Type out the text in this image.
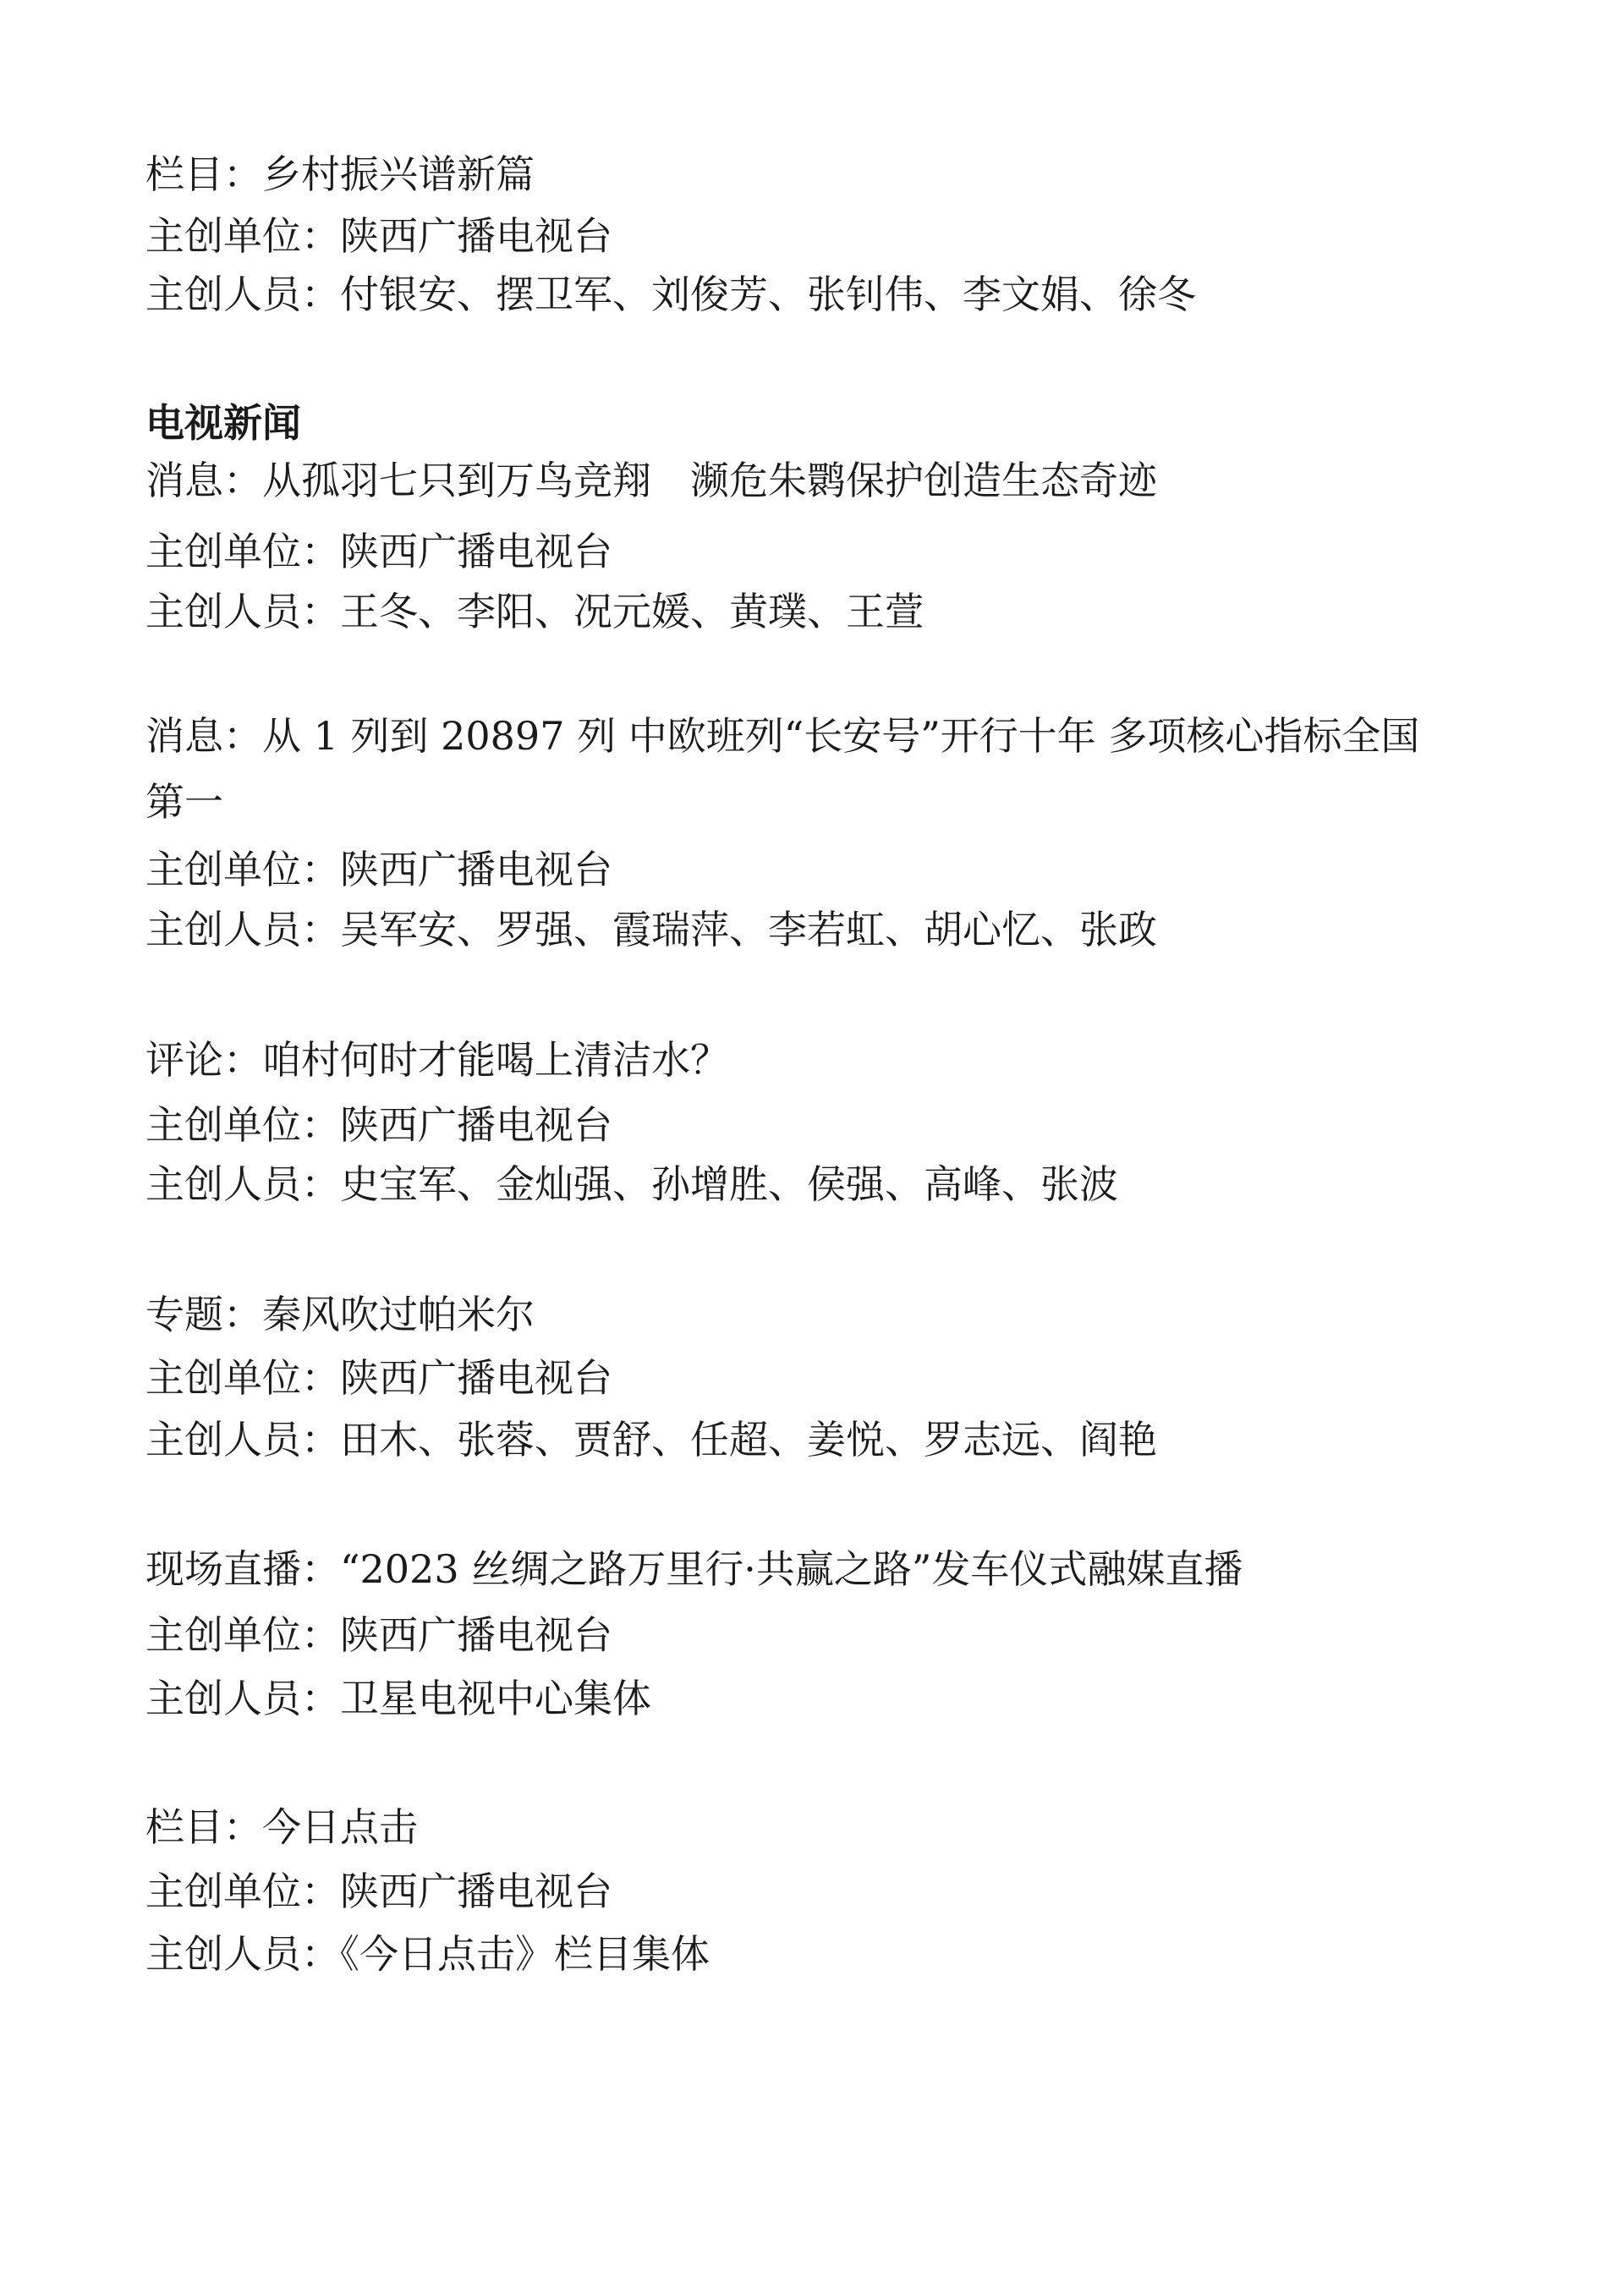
栏目：乡村振兴谱新篇

主创单位：陕西广播电视台

主创人员：付银安、摆卫军、刘俊芳、张钊伟、李文娟、徐冬

电视新闻

消息：从孤羽七只到万鸟竞翔　濒危朱鹮保护创造生态奇迹

主创单位：陕西广播电视台

主创人员：王冬、李阳、况元媛、黄璞、王萱

消息：从 1 列到 20897 列 中欧班列“长安号”开行十年 多项核心指标全国

第一

主创单位：陕西广播电视台

主创人员：吴军安、罗强、霞瑞萍、李若虹、胡心忆、张政

评论：咱村何时才能喝上清洁水？

主创单位：陕西广播电视台

主创人员：史宝军、金灿强、孙增胜、侯强、高峰、张波

专题：秦风吹过帕米尔

主创单位：陕西广播电视台

主创人员：田木、张蓉、贾舒、任超、姜悦、罗志远、阎艳

现场直播：“2023 丝绸之路万里行·共赢之路”发车仪式融媒直播

主创单位：陕西广播电视台

主创人员：卫星电视中心集体

栏目：今日点击

主创单位：陕西广播电视台

主创人员：《今日点击》栏目集体
